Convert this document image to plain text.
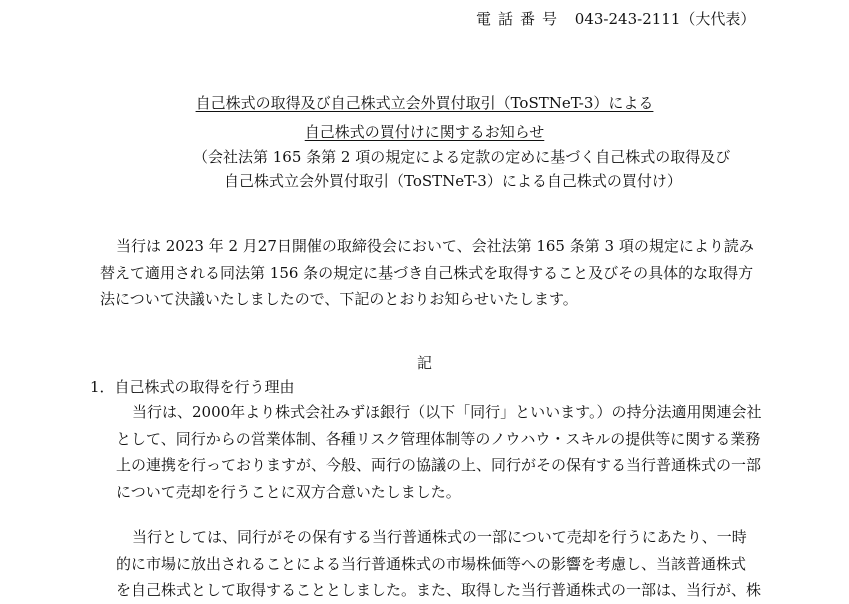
電話番号 043-243-2111（大代表）
自己株式の取得及び自己株式立会外買付取引（ToSTNeT-3）による
自己株式の買付けに関するお知らせ
（会社法第 165 条第 2 項の規定による定款の定めに基づく自己株式の取得及び
自己株式立会外買付取引（ToSTNeT-3）による自己株式の買付け）
当行は 2023 年 2 月27日開催の取締役会において、会社法第 165 条第 3 項の規定により読み
替えて適用される同法第 156 条の規定に基づき自己株式を取得すること及びその具体的な取得方
法について決議いたしましたので、下記のとおりお知らせいたします。
記
1．自己株式の取得を行う理由
当行は、2000年より株式会社みずほ銀行（以下「同行」といいます。）の持分法適用関連会社
として、同行からの営業体制、各種リスク管理体制等のノウハウ・スキルの提供等に関する業務
上の連携を行っておりますが、今般、両行の協議の上、同行がその保有する当行普通株式の一部
について売却を行うことに双方合意いたしました。
当行としては、同行がその保有する当行普通株式の一部について売却を行うにあたり、一時
的に市場に放出されることによる当行普通株式の市場株価等への影響を考慮し、当該普通株式
を自己株式として取得することとしました。また、取得した当行普通株式の一部は、当行が、株
